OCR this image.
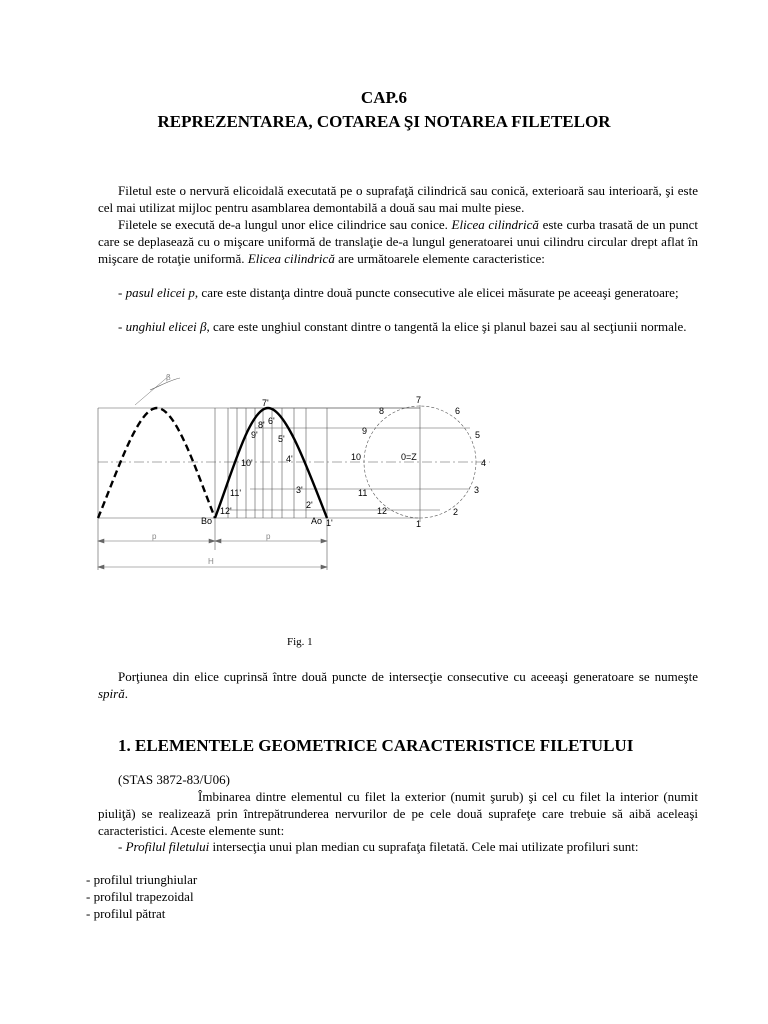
CAP.6
REPREZENTAREA, COTAREA ŞI NOTAREA FILETELOR

Filetul este o nervură elicoidală executată pe o suprafaţă cilindrică sau conică, exterioară sau interioară, şi este cel mai utilizat mijloc pentru asamblarea demontabilă a două sau mai multe piese.

Filetele se execută de-a lungul unor elice cilindrice sau conice. Elicea cilindrică este curba trasată de un punct care se deplasează cu o mişcare uniformă de translaţie de-a lungul generatoarei unui cilindru circular drept aflat în mişcare de rotaţie uniformă. Elicea cilindrică are următoarele elemente caracteristice:

- pasul elicei p, care este distanţa dintre două puncte consecutive ale elicei măsurate pe aceeaşi generatoare;

- unghiul elicei β, care este unghiul constant dintre o tangentă la elice şi planul bazei sau al secţiunii normale.

β
7'
8' 6'
9' 5'
10'	4'
11'	3'
12'
2'
Bo	Ao 1'
7
8	6
9	5
10	0=Z
4
11	3
12	2
1
p	p
H
Fig. 1

Porţiunea din elice cuprinsă între două puncte de intersecţie consecutive cu aceeaşi generatoare se numeşte spiră.

1. ELEMENTELE GEOMETRICE CARACTERISTICE FILETULUI
(STAS 3872-83/U06)

Îmbinarea dintre elementul cu filet la exterior (numit şurub) şi cel cu filet la interior (numit piuliţă) se realizează prin întrepătrunderea nervurilor de pe cele două suprafeţe care trebuie să aibă aceleaşi caracteristici. Aceste elemente sunt:

- Profilul filetului intersecţia unui plan median cu suprafaţa filetată. Cele mai utilizate profiluri sunt:

- profilul triunghiular
- profilul trapezoidal
- profilul pătrat
